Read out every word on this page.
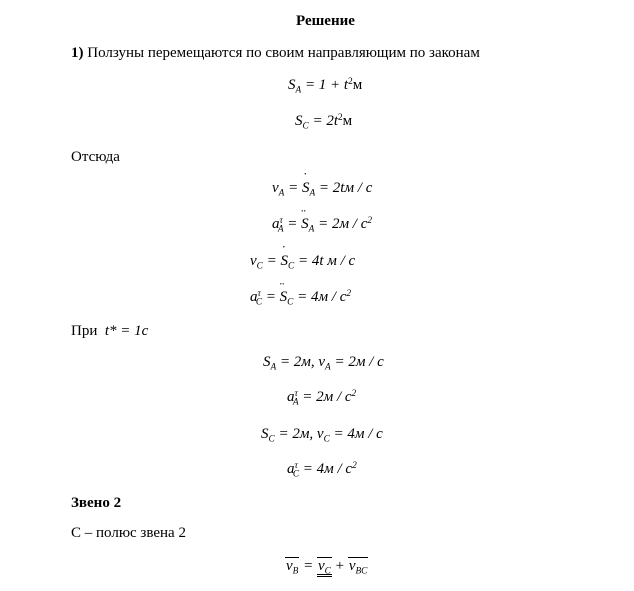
Решение
1) Ползуны перемещаются по своим направляющим по законам
$S_A = 1 + t^2м$
$S_C = 2t^2м$
Отсюда
$v_A = S$ $˙_A = 2tм / c$
$a^\tau_A = S$ $¨_A = 2м / c^2$
$v_C = S$ $˙_C = 4t$ м / c
$a^\tau_C = S$ $¨_C = 4м / c^2$
При t* = 1c
$S_A = 2м$, $v_A = 2м / c$
$a^\tau_A = 2м / c^2$
$S_C = 2м$, $v_C = 4м / c$
$a^\tau_C = 4м / c^2$
Звено 2
С – полюс звена 2
$v_B = v_C + v_{BC}$
